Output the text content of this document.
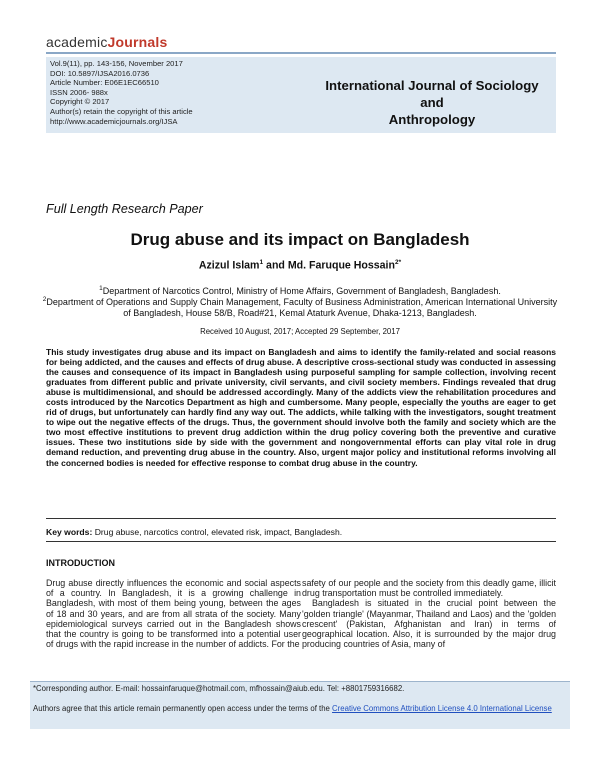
academicJournals
Vol.9(11), pp. 143-156, November 2017
DOI: 10.5897/IJSA2016.0736
Article Number: E06E1EC66510
ISSN 2006- 988x
Copyright © 2017
Author(s) retain the copyright of this article
http://www.academicjournals.org/IJSA
International Journal of Sociology and
Anthropology
Full Length Research Paper
Drug abuse and its impact on Bangladesh
Azizul Islam$^1$ and Md. Faruque Hossain$^{2*}$
$^1$Department of Narcotics Control, Ministry of Home Affairs, Government of Bangladesh, Bangladesh.
$^2$Department of Operations and Supply Chain Management, Faculty of Business Administration, American International University of Bangladesh, House 58/B, Road#21, Kemal Ataturk Avenue, Dhaka-1213, Bangladesh.
Received 10 August, 2017; Accepted 29 September, 2017
This study investigates drug abuse and its impact on Bangladesh and aims to identify the family-related and social reasons for being addicted, and the causes and effects of drug abuse. A descriptive cross-sectional study was conducted in assessing the causes and consequence of its impact in Bangladesh using purposeful sampling for sample collection, involving recent graduates from different public and private university, civil servants, and civil society members. Findings revealed that drug abuse is multidimensional, and should be addressed accordingly. Many of the addicts view the rehabilitation procedures and costs introduced by the Narcotics Department as high and cumbersome. Many people, especially the youths are eager to get rid of drugs, but unfortunately can hardly find any way out. The addicts, while talking with the investigators, sought treatment to wipe out the negative effects of the drugs. Thus, the government should involve both the family and society which are the two most effective institutions to prevent drug addiction within the drug policy covering both the preventive and curative issues. These two institutions side by side with the government and nongovernmental efforts can play vital role in drug demand reduction, and preventing drug abuse in the country. Also, urgent major policy and institutional reforms involving all the concerned bodies is needed for effective response to combat drug abuse in the country.
Key words: Drug abuse, narcotics control, elevated risk, impact, Bangladesh.
INTRODUCTION

Drug abuse directly influences the economic and social aspects of a country. In Bangladesh, it is a growing challenge in Bangladesh, with most of them being young, between the ages of 18 and 30 years, and are from all strata of the society. Many epidemiological surveys carried out in the Bangladesh shows that the country is going to be transformed into a potential user of drugs with the rapid increase in the number of addicts. For the

safety of our people and the society from this deadly game, illicit drug transportation must be controlled immediately.

Bangladesh is situated in the crucial point between the 'golden triangle' (Mayanmar, Thailand and Laos) and the 'golden crescent' (Pakistan, Afghanistan and Iran) in terms of geographical location. Also, it is surrounded by the major drug producing countries of Asia, many of

*Corresponding author. E-mail: hossainfaruque@hotmail.com, mfhossain@aiub.edu. Tel: +8801759316682.
Authors agree that this article remain permanently open access under the terms of the Creative Commons Attribution License 4.0 International License
